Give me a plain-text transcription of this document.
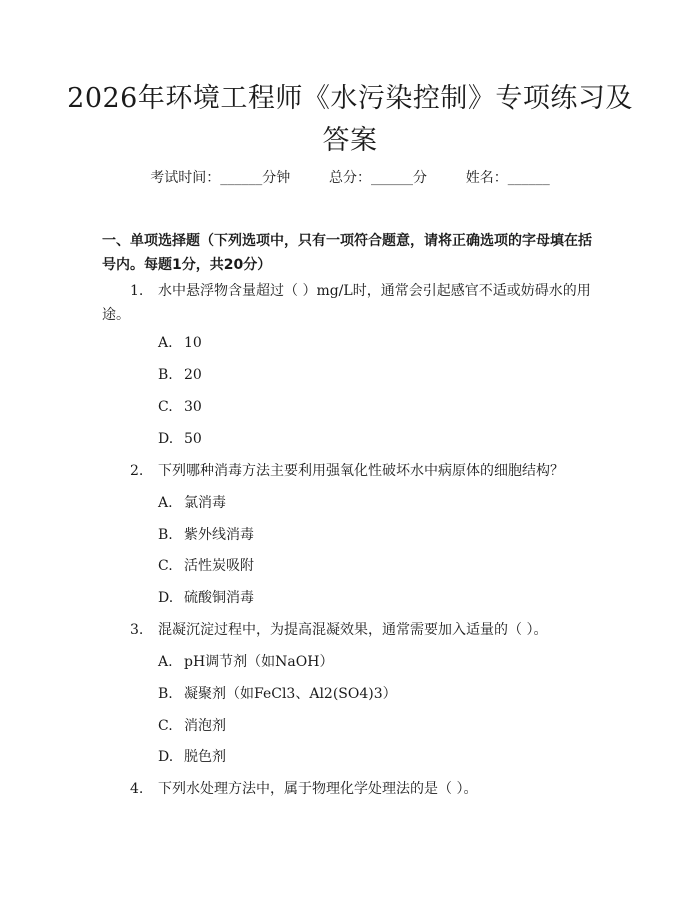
2026年环境工程师《水污染控制》专项练习及答案
考试时间：______分钟	总分：______分	姓名：______
一、单项选择题（下列选项中，只有一项符合题意，请将正确选项的字母填在括号内。每题1分，共20分）
1. 水中悬浮物含量超过（ ）mg/L时，通常会引起感官不适或妨碍水的用途。
A. 10
B. 20
C. 30
D. 50
2. 下列哪种消毒方法主要利用强氧化性破坏水中病原体的细胞结构？
A. 氯消毒
B. 紫外线消毒
C. 活性炭吸附
D. 硫酸铜消毒
3. 混凝沉淀过程中，为提高混凝效果，通常需要加入适量的（ ）。
A. pH调节剂（如NaOH）
B. 凝聚剂（如FeCl3、Al2(SO4)3）
C. 消泡剂
D. 脱色剂
4. 下列水处理方法中，属于物理化学处理法的是（ ）。
